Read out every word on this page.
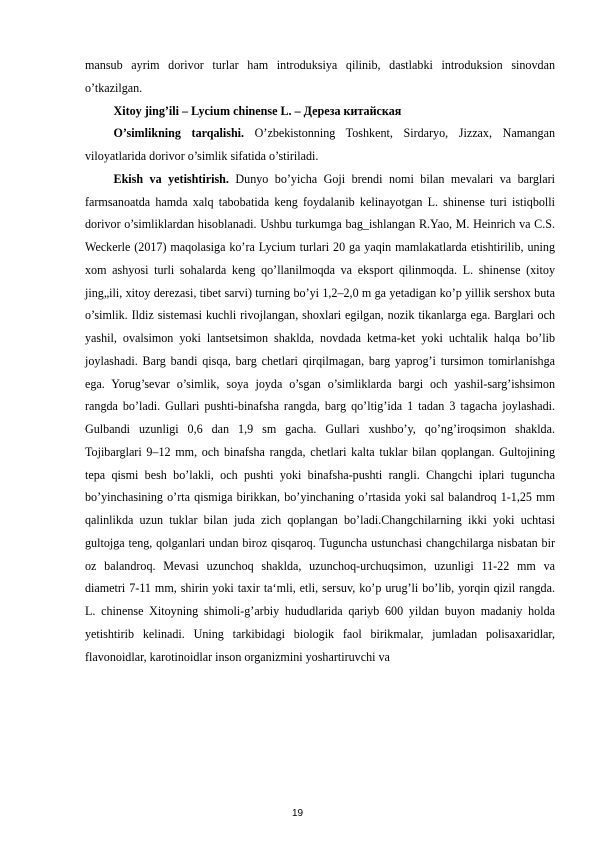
mansub ayrim dorivor turlar ham introduksiya qilinib, dastlabki introduksion sinovdan o’tkazilgan.

Xitoy jing’ili – Lycium chinense L. – Дереза китайская

O’simlikning tarqalishi. O’zbekistonning Toshkent, Sirdaryo, Jizzax, Namangan viloyatlarida dorivor o’simlik sifatida o’stiriladi.

Ekish va yetishtirish. Dunyo bo’yicha Goji brendi nomi bilan mevalari va barglari farmsanoatda hamda xalq tabobatida keng foydalanib kelinayotgan L. shinense turi istiqbolli dorivor o’simliklardan hisoblanadi. Ushbu turkumga bag_ishlangan R.Yao, M. Heinrich va C.S. Weckerle (2017) maqolasiga ko’ra Lycium turlari 20 ga yaqin mamlakatlarda etishtirilib, uning xom ashyosi turli sohalarda keng qo’llanilmoqda va eksport qilinmoqda. L. shinense (xitoy jing„ili, xitoy derezasi, tibet sarvi) turning bo’yi 1,2–2,0 m ga yetadigan ko’p yillik sershox buta o’simlik. Ildiz sistemasi kuchli rivojlangan, shoxlari egilgan, nozik tikanlarga ega. Barglari och yashil, ovalsimon yoki lantsetsimon shaklda, novdada ketma-ket yoki uchtalik halqa bo’lib joylashadi. Barg bandi qisqa, barg chetlari qirqilmagan, barg yaprog’i tursimon tomirlanishga ega. Yorug’sevar o’simlik, soya joyda o’sgan o’simliklarda bargi och yashil-sarg’ishsimon rangda bo’ladi. Gullari pushti-binafsha rangda, barg qo’ltig’ida 1 tadan 3 tagacha joylashadi. Gulbandi uzunligi 0,6 dan 1,9 sm gacha. Gullari xushbo’y, qo’ng’iroqsimon shaklda. Tojibarglari 9–12 mm, och binafsha rangda, chetlari kalta tuklar bilan qoplangan. Gultojining tepa qismi besh bo’lakli, och pushti yoki binafsha-pushti rangli. Changchi iplari tuguncha bo’yinchasining o’rta qismiga birikkan, bo’yinchaning o’rtasida yoki sal balandroq 1-1,25 mm qalinlikda uzun tuklar bilan juda zich qoplangan bo’ladi.Changchilarning ikki yoki uchtasi gultojga teng, qolganlari undan biroz qisqaroq. Tuguncha ustunchasi changchilarga nisbatan bir oz balandroq. Mevasi uzunchoq shaklda, uzunchoq-urchuqsimon, uzunligi 11-22 mm va diametri 7-11 mm, shirin yoki taxir ta‘mli, etli, sersuv, ko’p urug’li bo’lib, yorqin qizil rangda. L. chinense Xitoyning shimoli-g’arbiy hududlarida qariyb 600 yildan buyon madaniy holda yetishtirib kelinadi. Uning tarkibidagi biologik faol birikmalar, jumladan polisaxaridlar, flavonoidlar, karotinoidlar inson organizmini yoshartiruvchi va

19
